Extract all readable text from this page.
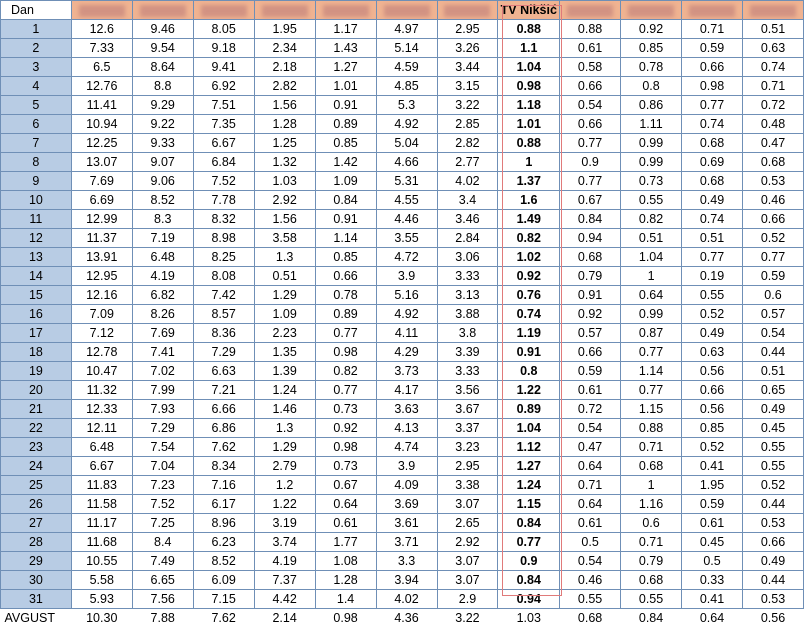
Dan								TV Nikšić				
1	12.6	9.46	8.05	1.95	1.17	4.97	2.95	0.88	0.88	0.92	0.71	0.51
2	7.33	9.54	9.18	2.34	1.43	5.14	3.26	1.1	0.61	0.85	0.59	0.63
3	6.5	8.64	9.41	2.18	1.27	4.59	3.44	1.04	0.58	0.78	0.66	0.74
4	12.76	8.8	6.92	2.82	1.01	4.85	3.15	0.98	0.66	0.8	0.98	0.71
5	11.41	9.29	7.51	1.56	0.91	5.3	3.22	1.18	0.54	0.86	0.77	0.72
6	10.94	9.22	7.35	1.28	0.89	4.92	2.85	1.01	0.66	1.11	0.74	0.48
7	12.25	9.33	6.67	1.25	0.85	5.04	2.82	0.88	0.77	0.99	0.68	0.47
8	13.07	9.07	6.84	1.32	1.42	4.66	2.77	1	0.9	0.99	0.69	0.68
9	7.69	9.06	7.52	1.03	1.09	5.31	4.02	1.37	0.77	0.73	0.68	0.53
10	6.69	8.52	7.78	2.92	0.84	4.55	3.4	1.6	0.67	0.55	0.49	0.46
11	12.99	8.3	8.32	1.56	0.91	4.46	3.46	1.49	0.84	0.82	0.74	0.66
12	11.37	7.19	8.98	3.58	1.14	3.55	2.84	0.82	0.94	0.51	0.51	0.52
13	13.91	6.48	8.25	1.3	0.85	4.72	3.06	1.02	0.68	1.04	0.77	0.77
14	12.95	4.19	8.08	0.51	0.66	3.9	3.33	0.92	0.79	1	0.19	0.59
15	12.16	6.82	7.42	1.29	0.78	5.16	3.13	0.76	0.91	0.64	0.55	0.6
16	7.09	8.26	8.57	1.09	0.89	4.92	3.88	0.74	0.92	0.99	0.52	0.57
17	7.12	7.69	8.36	2.23	0.77	4.11	3.8	1.19	0.57	0.87	0.49	0.54
18	12.78	7.41	7.29	1.35	0.98	4.29	3.39	0.91	0.66	0.77	0.63	0.44
19	10.47	7.02	6.63	1.39	0.82	3.73	3.33	0.8	0.59	1.14	0.56	0.51
20	11.32	7.99	7.21	1.24	0.77	4.17	3.56	1.22	0.61	0.77	0.66	0.65
21	12.33	7.93	6.66	1.46	0.73	3.63	3.67	0.89	0.72	1.15	0.56	0.49
22	12.11	7.29	6.86	1.3	0.92	4.13	3.37	1.04	0.54	0.88	0.85	0.45
23	6.48	7.54	7.62	1.29	0.98	4.74	3.23	1.12	0.47	0.71	0.52	0.55
24	6.67	7.04	8.34	2.79	0.73	3.9	2.95	1.27	0.64	0.68	0.41	0.55
25	11.83	7.23	7.16	1.2	0.67	4.09	3.38	1.24	0.71	1	1.95	0.52
26	11.58	7.52	6.17	1.22	0.64	3.69	3.07	1.15	0.64	1.16	0.59	0.44
27	11.17	7.25	8.96	3.19	0.61	3.61	2.65	0.84	0.61	0.6	0.61	0.53
28	11.68	8.4	6.23	3.74	1.77	3.71	2.92	0.77	0.5	0.71	0.45	0.66
29	10.55	7.49	8.52	4.19	1.08	3.3	3.07	0.9	0.54	0.79	0.5	0.49
30	5.58	6.65	6.09	7.37	1.28	3.94	3.07	0.84	0.46	0.68	0.33	0.44
31	5.93	7.56	7.15	4.42	1.4	4.02	2.9	0.94	0.55	0.55	0.41	0.53
AVGUST	10.30	7.88	7.62	2.14	0.98	4.36	3.22	1.03	0.68	0.84	0.64	0.56
